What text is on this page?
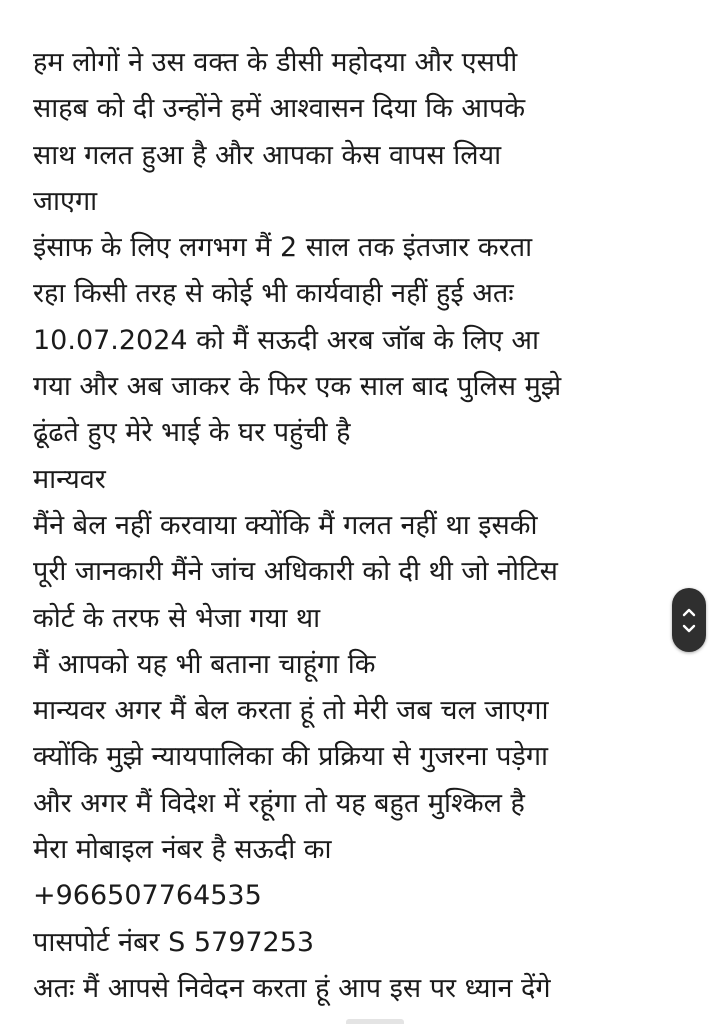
हम लोगों ने उस वक्त के डीसी महोदया और एसपी
साहब को दी उन्होंने हमें आश्वासन दिया कि आपके
साथ गलत हुआ है और आपका केस वापस लिया
जाएगा
इंसाफ के लिए लगभग मैं 2 साल तक इंतजार करता
रहा किसी तरह से कोई भी कार्यवाही नहीं हुई अतः
10.07.2024 को मैं सऊदी अरब जॉब के लिए आ
गया और अब जाकर के फिर एक साल बाद पुलिस मुझे
ढूंढते हुए मेरे भाई के घर पहुंची है
मान्यवर
मैंने बेल नहीं करवाया क्योंकि मैं गलत नहीं था इसकी
पूरी जानकारी मैंने जांच अधिकारी को दी थी जो नोटिस
कोर्ट के तरफ से भेजा गया था
मैं आपको यह भी बताना चाहूंगा कि
मान्यवर अगर मैं बेल करता हूं तो मेरी जब चल जाएगा
क्योंकि मुझे न्यायपालिका की प्रक्रिया से गुजरना पड़ेगा
और अगर मैं विदेश में रहूंगा तो यह बहुत मुश्किल है
मेरा मोबाइल नंबर है सऊदी का
+966507764535
पासपोर्ट नंबर S 5797253
अतः मैं आपसे निवेदन करता हूं आप इस पर ध्यान देंगे
